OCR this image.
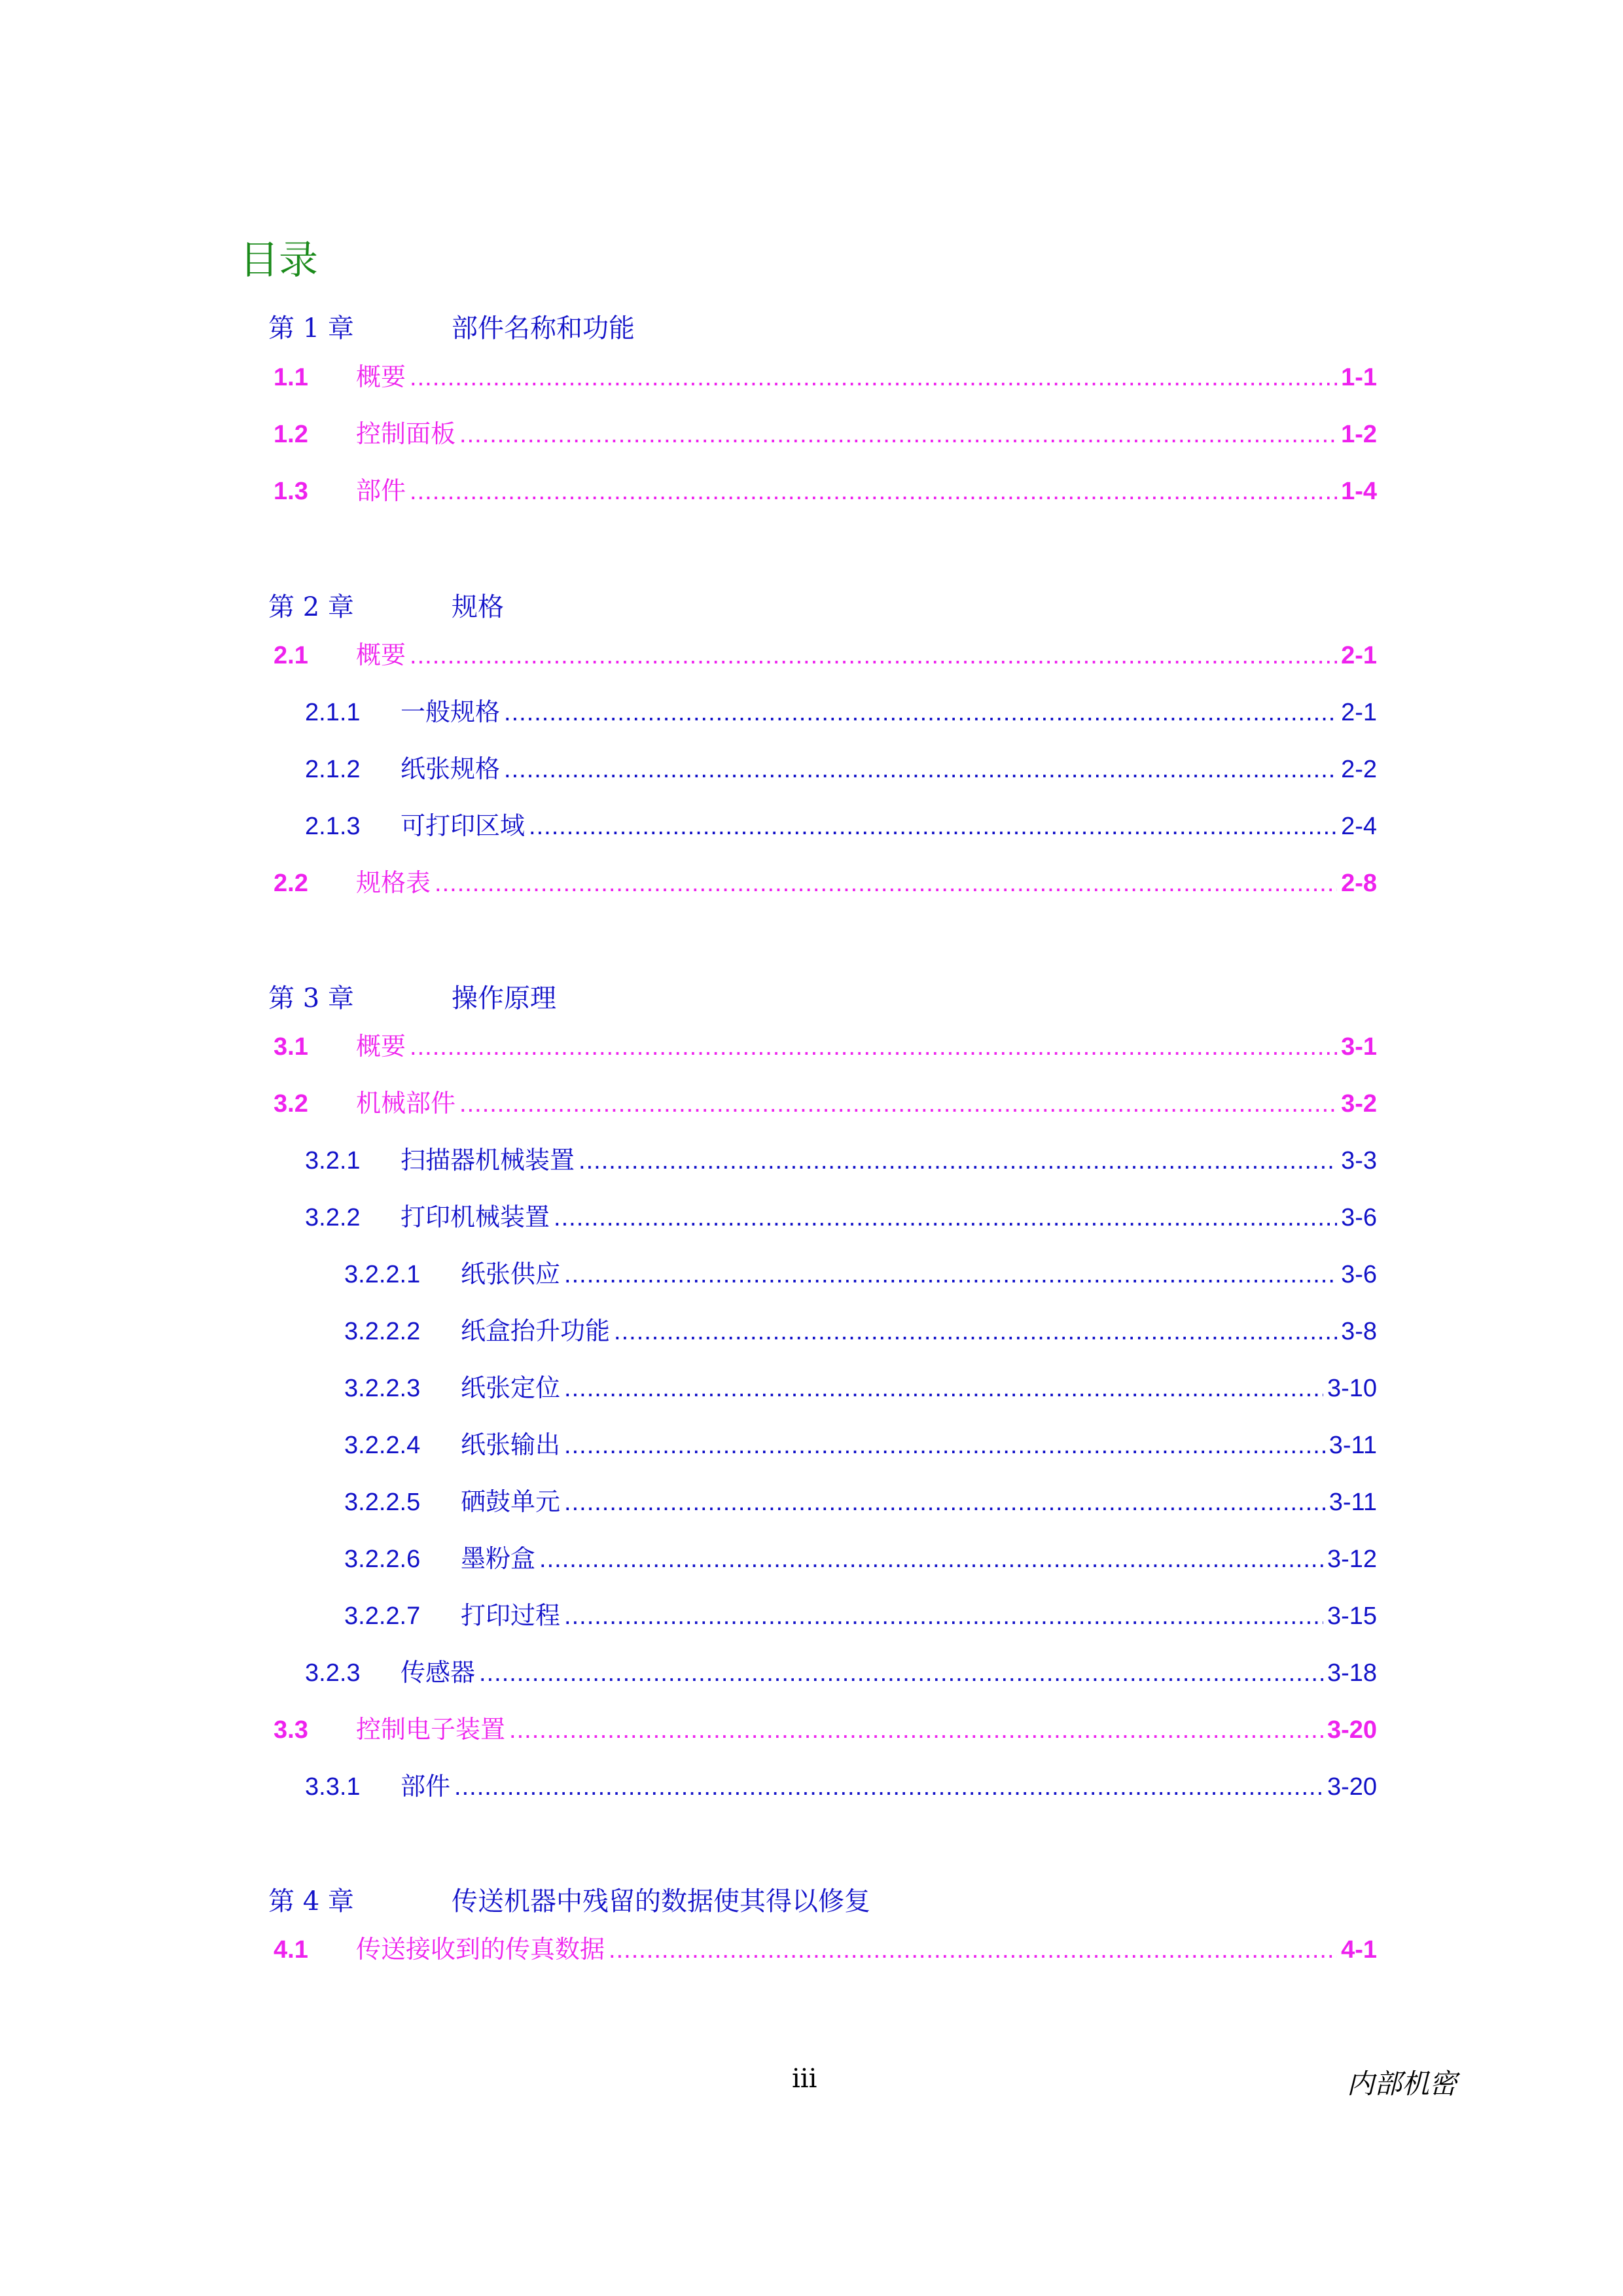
目录
第 1 章	部件名称和功能
1.1	概要 .....	1-1
1.2	控制面板 .....	1-2
1.3	部件 .....	1-4
第 2 章	规格
2.1	概要 .....	2-1
2.1.1	一般规格 .....	2-1
2.1.2	纸张规格 .....	2-2
2.1.3	可打印区域 .....	2-4
2.2	规格表 .....	2-8
第 3 章	操作原理
3.1	概要 .....	3-1
3.2	机械部件 .....	3-2
3.2.1	扫描器机械装置 .....	3-3
3.2.2	打印机械装置 .....	3-6
3.2.2.1	纸张供应 .....	3-6
3.2.2.2	纸盒抬升功能 .....	3-8
3.2.2.3	纸张定位 .....	3-10
3.2.2.4	纸张输出 .....	3-11
3.2.2.5	硒鼓单元 .....	3-11
3.2.2.6	墨粉盒 .....	3-12
3.2.2.7	打印过程 .....	3-15
3.2.3	传感器 .....	3-18
3.3	控制电子装置 .....	3-20
3.3.1	部件 .....	3-20
第 4 章	传送机器中残留的数据使其得以修复
4.1	传送接收到的传真数据 .....	4-1
iii	内部机密
